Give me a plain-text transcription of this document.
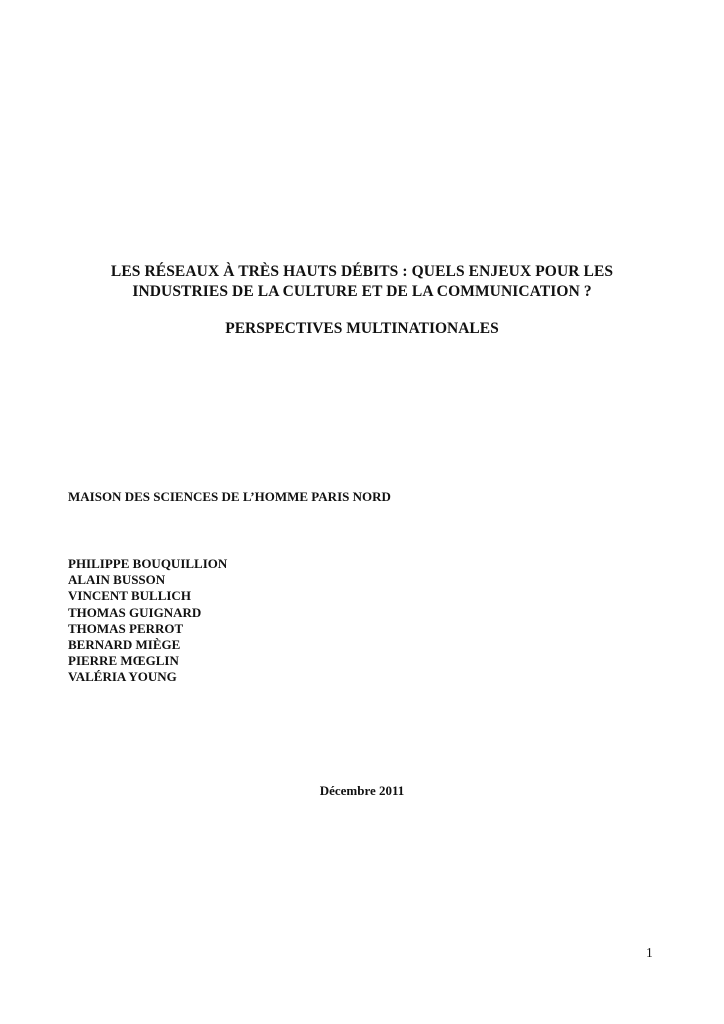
LES RÉSEAUX À TRÈS HAUTS DÉBITS : QUELS ENJEUX POUR LES
INDUSTRIES DE LA CULTURE ET DE LA COMMUNICATION ?
PERSPECTIVES MULTINATIONALES
MAISON DES SCIENCES DE L’HOMME PARIS NORD
PHILIPPE BOUQUILLION
ALAIN BUSSON
VINCENT BULLICH
THOMAS GUIGNARD
THOMAS PERROT
BERNARD MIÈGE
PIERRE MŒGLIN
VALÉRIA YOUNG
Décembre 2011
1
